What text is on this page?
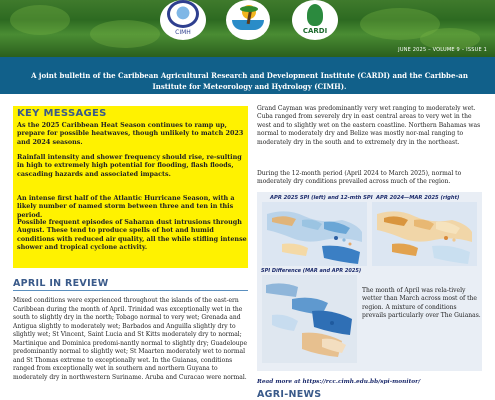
CIMH	CARDI
JUNE 2025 – VOLUME 9 – ISSUE 1
A joint bulletin of the Caribbean Agricultural Research and Development Institute (CARDI) and the Caribbe-an Institute for Meteorology and Hydrology (CIMH).
KEY MESSAGES
As the 2025 Caribbean Heat Season continues to ramp up, prepare for possible heatwaves, though unlikely to match 2023 and 2024 seasons.
Rainfall intensity and shower frequency should rise, re-sulting in high to extremely high potential for flooding, flash floods, cascading hazards and associated impacts.
An intense first half of the Atlantic Hurricane Season, with a likely number of named storm between three and ten in this period.
Possible frequent episodes of Saharan dust intrusions through August. These tend to produce spells of hot and humid conditions with reduced air quality, all the while stifling intense shower and tropical cyclone activity.
APRIL IN REVIEW
Mixed conditions were experienced throughout the islands of the east-ern Caribbean during the month of April. Trinidad was exceptionally wet in the south to slightly dry in the north; Tobago normal to very wet; Grenada and Antigua slightly to moderately wet; Barbados and Anguilla slightly dry to slightly wet; St Vincent, Saint Lucia and St Kitts moderately dry to normal; Martinique and Dominica predomi-nantly normal to slightly dry; Guadeloupe predominantly normal to slightly wet; St Maarten moderately wet to normal and St Thomas extreme to exceptionally wet. In the Guianas, conditions ranged from exceptionally wet in southern and northern Guyana to moderately dry in northwestern Suriname. Aruba and Curacao were normal.
Grand Cayman was predominantly very wet ranging to moderately wet. Cuba ranged from severely dry in east central areas to very wet in the west and to slightly wet on the eastern coastline. Northern Bahamas was normal to moderately dry and Belize was mostly nor-mal ranging to moderately dry in the south and to extremely dry in the northeast.
During the 12-month period (April 2024 to March 2025), normal to moderately dry conditions prevailed across much of the region.
APR 2025 SPI (left) and 12-mth SPI APR 2024—MAR 2025 (right)
SPI Difference (MAR and APR 2025)
The month of April was rela-tively wetter than March across most of the region. A mixture of conditions prevails particularly over The Guianas.
Read more at https://rcc.cimh.edu.bb/spi-monitor/
AGRI-NEWS
